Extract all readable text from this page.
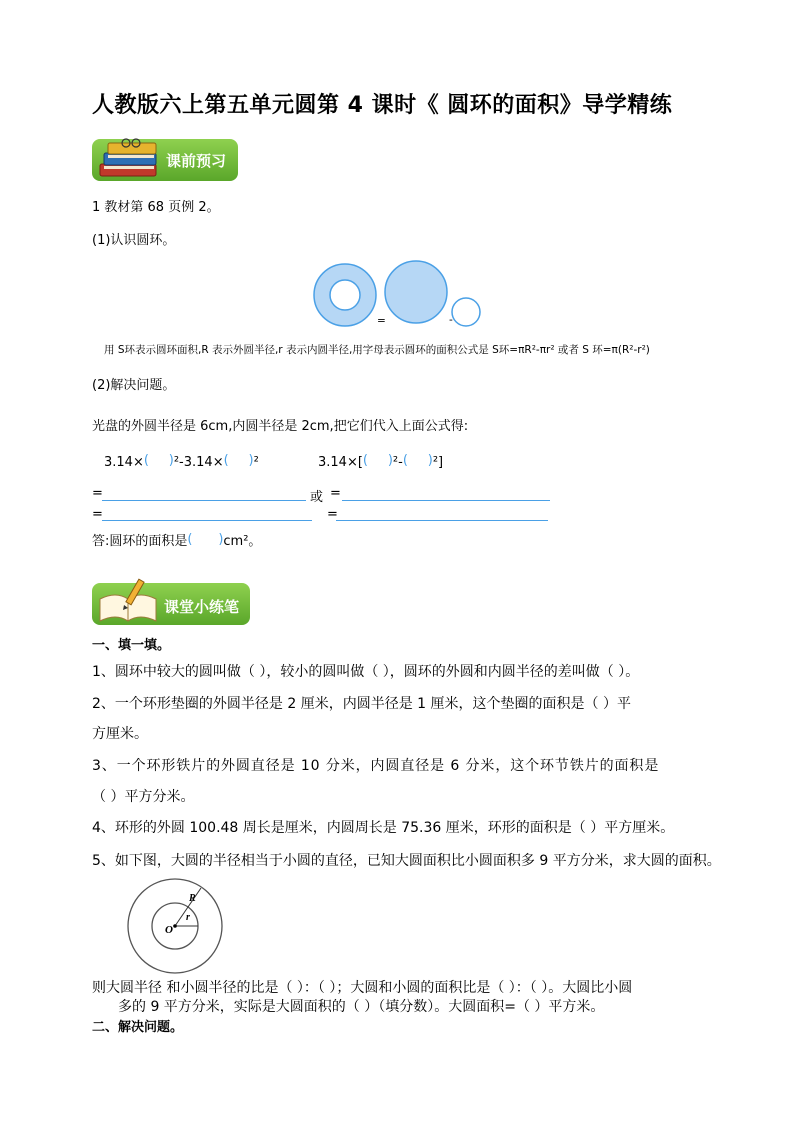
人教版六上第五单元圆第 4 课时《 圆环的面积》导学精练
课前预习
1 教材第 68 页例 2。
(1)认识圆环。
=	-
用 S环表示圆环面积,R 表示外圆半径,r 表示内圆半径,用字母表示圆环的面积公式是 S环=πR²-πr² 或者 S 环=π(R²-r²)
(2)解决问题。
光盘的外圆半径是 6cm,内圆半径是 2cm,把它们代入上面公式得:
3.14× (   ) ²-3.14× (   ) ²	3.14×[ (   ) ²- (   ) ²]
=	或 =
=	=
答:圆环的面积是 (   )	cm²。
课堂小练笔
一、填一填。
1、圆环中较大的圆叫做（ ），较小的圆叫做（ ），圆环的外圆和内圆半径的差叫做（ ）。
2、一个环形垫圈的外圆半径是 2 厘米，内圆半径是 1 厘米，这个垫圈的面积是（ ）平
方厘米。
3、一个环形铁片的外圆直径是 10 分米，内圆直径是 6 分米，这个环节铁片的面积是
（ ）平方分米。
4、环形的外圆 100.48 周长是厘米，内圆周长是 75.36 厘米，环形的面积是（ ）平方厘米。
5、如下图，大圆的半径相当于小圆的直径，已知大圆面积比小圆面积多 9 平方分米，求大圆的面积。
R
r
O
则大圆半径 和小圆半径的比是（ ）：（ ）；大圆和小圆的面积比是（ ）：（ ）。大圆比小圆
多的 9 平方分米，实际是大圆面积的（ ）（填分数）。大圆面积=（ ）平方米。
二、解决问题。
